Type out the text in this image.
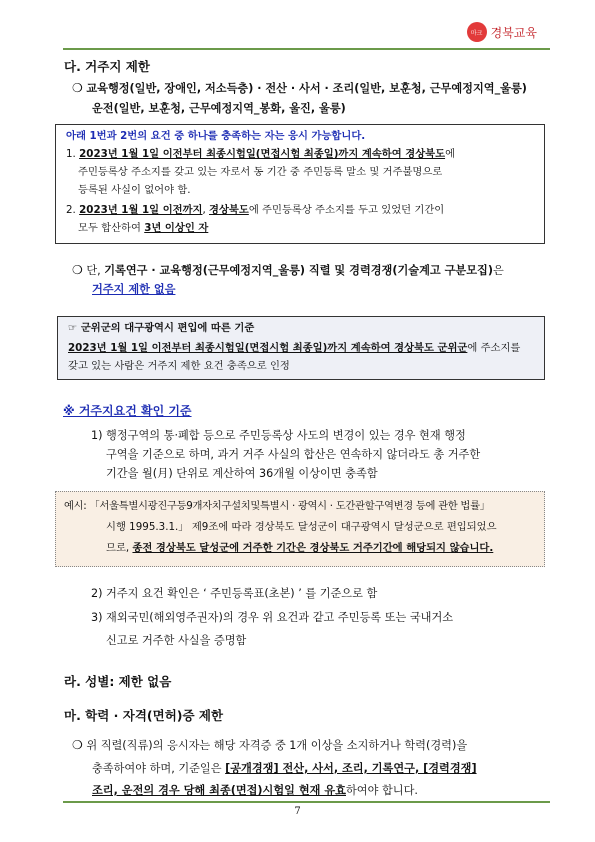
마크 경북교육
다. 거주지 제한
❍ 교육행정(일반, 장애인, 저소득층) · 전산 · 사서 · 조리(일반, 보훈청, 근무예정지역_울릉)
운전(일반, 보훈청, 근무예정지역_봉화, 울진, 울릉)
아래 1번과 2번의 요건 중 하나를 충족하는 자는 응시 가능합니다.
1. 2023년 1월 1일 이전부터 최종시험일(면접시험 최종일)까지 계속하여 경상북도에
주민등록상 주소지를 갖고 있는 자로서 동 기간 중 주민등록 말소 및 거주불명으로
등록된 사실이 없어야 함.
2. 2023년 1월 1일 이전까지, 경상북도에 주민등록상 주소지를 두고 있었던 기간이
모두 합산하여 3년 이상인 자
❍ 단, 기록연구 · 교육행정(근무예정지역_울릉) 직렬 및 경력경쟁(기술계고 구분모집)은
거주지 제한 없음
☞ 군위군의 대구광역시 편입에 따른 기준
2023년 1월 1일 이전부터 최종시험일(면접시험 최종일)까지 계속하여 경상북도 군위군에 주소지를
갖고 있는 사람은 거주지 제한 요건 충족으로 인정
※ 거주지요건 확인 기준
1) 행정구역의 통·폐합 등으로 주민등록상 사도의 변경이 있는 경우 현재 행정
구역을 기준으로 하며, 과거 거주 사실의 합산은 연속하지 않더라도 총 거주한
기간을 월(月) 단위로 계산하여 36개월 이상이면 충족함
예시: 「서울특별시광진구등9개자치구설치및특별시 · 광역시 · 도간관할구역변경 등에 관한 법률」
시행 1995.3.1.」 제9조에 따라 경상북도 달성군이 대구광역시 달성군으로 편입되었으
므로, 종전 경상북도 달성군에 거주한 기간은 경상북도 거주기간에 해당되지 않습니다.
2) 거주지 요건 확인은 ‘ 주민등록표(초본) ’ 를 기준으로 함
3) 재외국민(해외영주권자)의 경우 위 요건과 같고 주민등록 또는 국내거소
신고로 거주한 사실을 증명함
라. 성별: 제한 없음
마. 학력 · 자격(면허)증 제한
❍ 위 직렬(직류)의 응시자는 해당 자격증 중 1개 이상을 소지하거나 학력(경력)을
충족하여야 하며, 기준일은 [공개경쟁] 전산, 사서, 조리, 기록연구, [경력경쟁]
조리, 운전의 경우 당해 최종(면접)시험일 현재 유효하여야 합니다.
7
